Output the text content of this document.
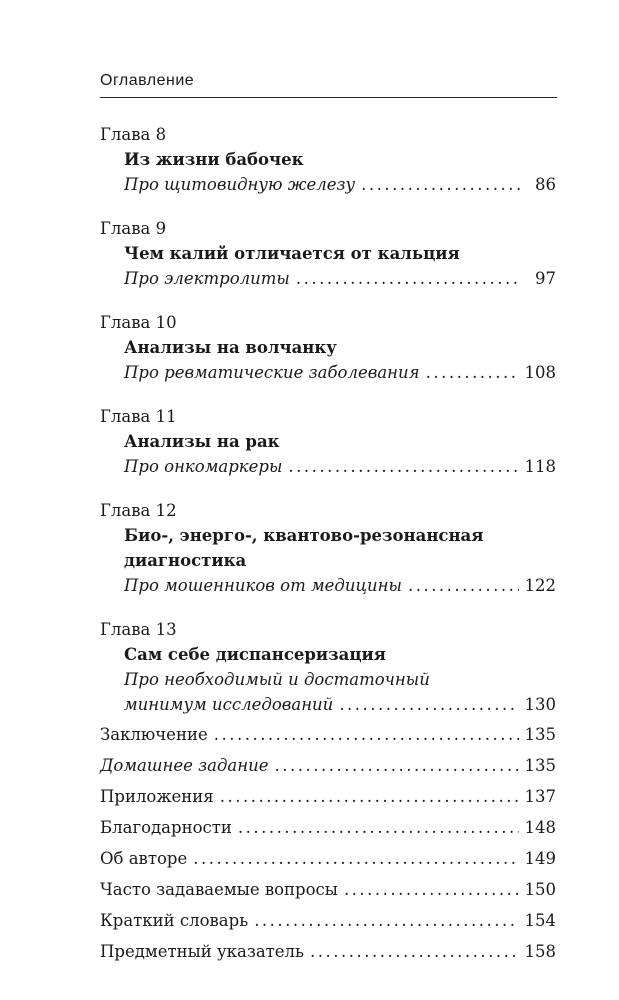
Оглавление
Глава 8
Из жизни бабочек
Про щитовидную железу .....	86
Глава 9
Чем калий отличается от кальция
Про электролиты .....	97
Глава 10
Анализы на волчанку
Про ревматические заболевания .....	108
Глава 11
Анализы на рак
Про онкомаркеры .....	118
Глава 12
Био-, энерго-, квантово-резонансная
диагностика
Про мошенников от медицины .....	122
Глава 13
Сам себе диспансеризация
Про необходимый и достаточный
минимум исследований .....	130
Заключение .....	135
Домашнее задание .....	135
Приложения .....	137
Благодарности .....	148
Об авторе .....	149
Часто задаваемые вопросы .....	150
Краткий словарь .....	154
Предметный указатель .....	158
